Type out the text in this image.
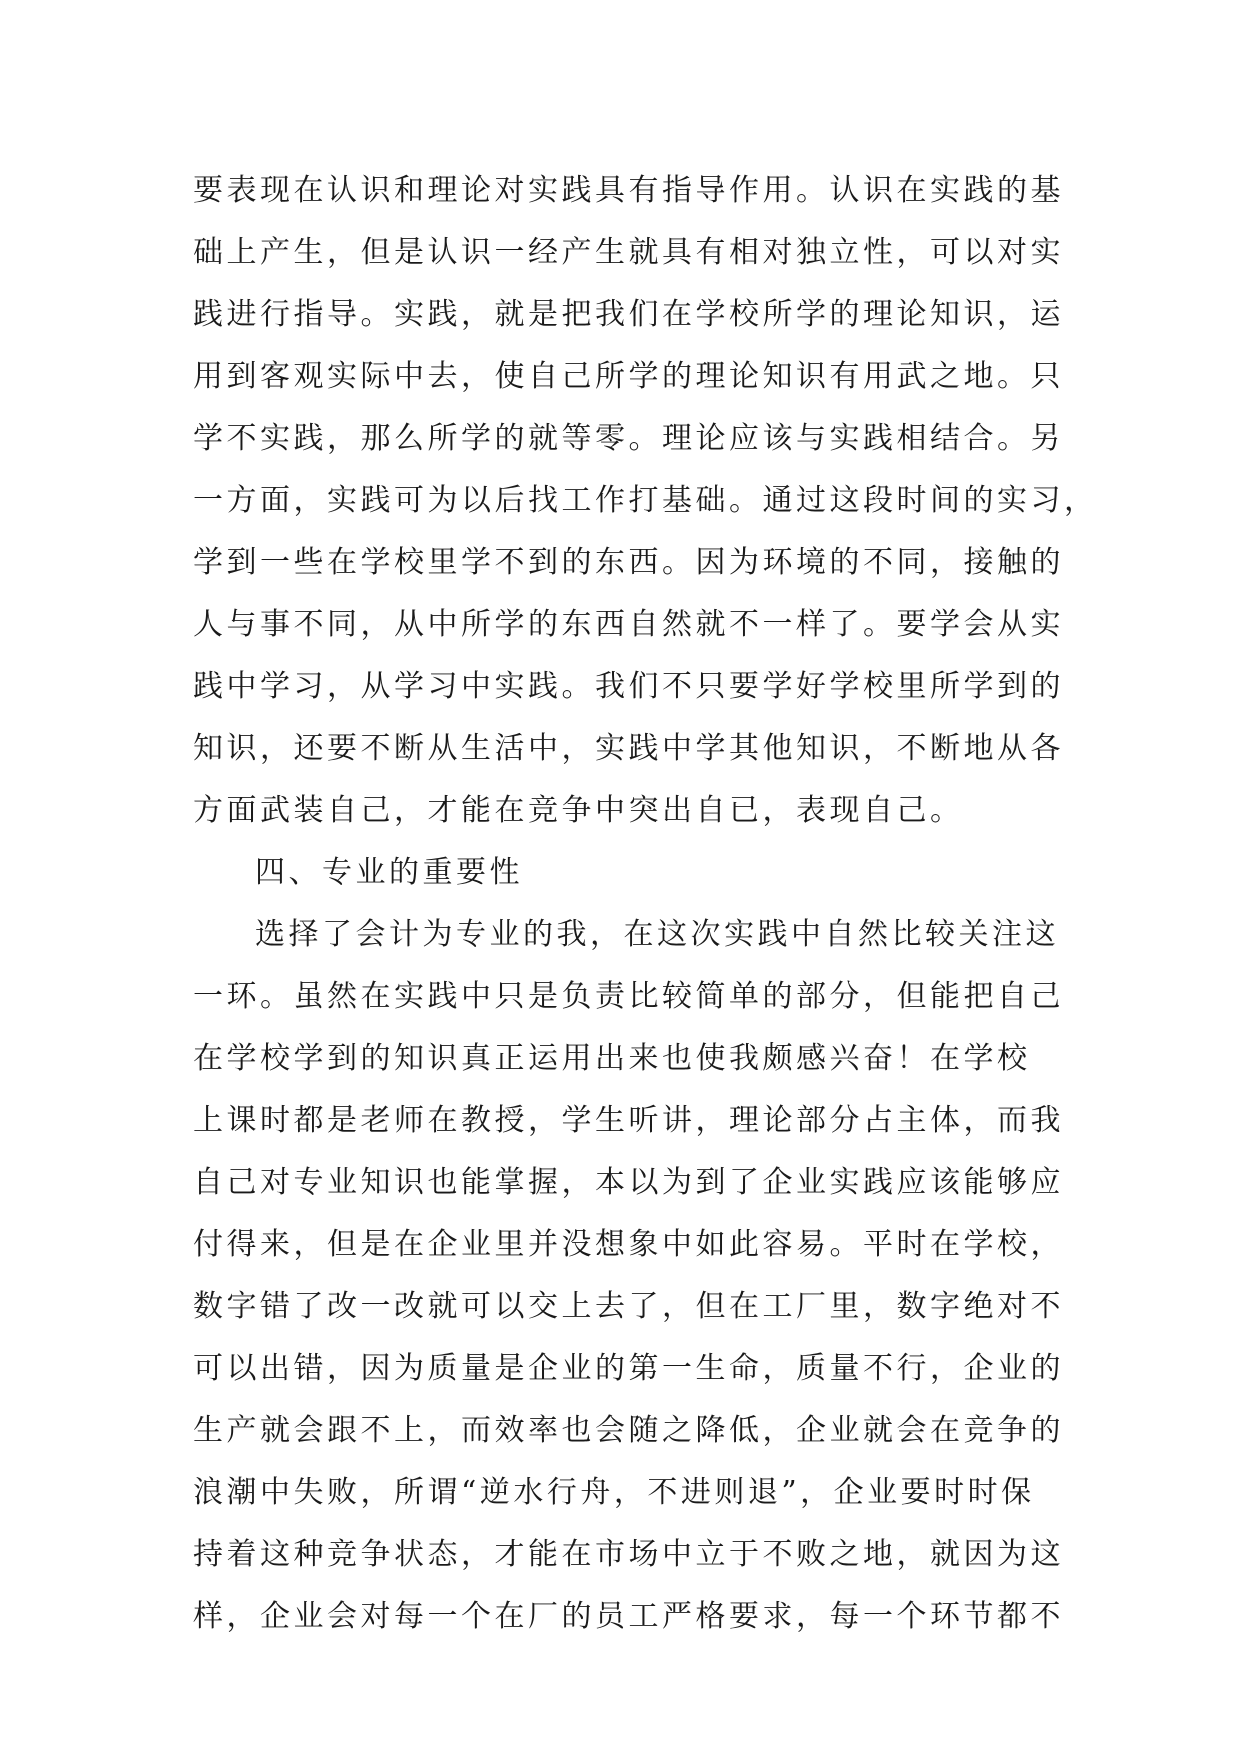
要表现在认识和理论对实践具有指导作用。认识在实践的基
础上产生，但是认识一经产生就具有相对独立性，可以对实
践进行指导。实践，就是把我们在学校所学的理论知识，运
用到客观实际中去，使自己所学的理论知识有用武之地。只
学不实践，那么所学的就等零。理论应该与实践相结合。另
一方面，实践可为以后找工作打基础。通过这段时间的实习，
学到一些在学校里学不到的东西。因为环境的不同，接触的
人与事不同，从中所学的东西自然就不一样了。要学会从实
践中学习，从学习中实践。我们不只要学好学校里所学到的
知识，还要不断从生活中，实践中学其他知识，不断地从各
方面武装自己，才能在竞争中突出自已，表现自己。
四、专业的重要性
选择了会计为专业的我，在这次实践中自然比较关注这
一环。虽然在实践中只是负责比较简单的部分，但能把自己
在学校学到的知识真正运用出来也使我颇感兴奋！在学校
上课时都是老师在教授，学生听讲，理论部分占主体，而我
自己对专业知识也能掌握，本以为到了企业实践应该能够应
付得来，但是在企业里并没想象中如此容易。平时在学校，
数字错了改一改就可以交上去了，但在工厂里，数字绝对不
可以出错，因为质量是企业的第一生命，质量不行，企业的
生产就会跟不上，而效率也会随之降低，企业就会在竞争的
浪潮中失败，所谓“逆水行舟，不进则退”，企业要时时保
持着这种竞争状态，才能在市场中立于不败之地，就因为这
样，企业会对每一个在厂的员工严格要求，每一个环节都不
